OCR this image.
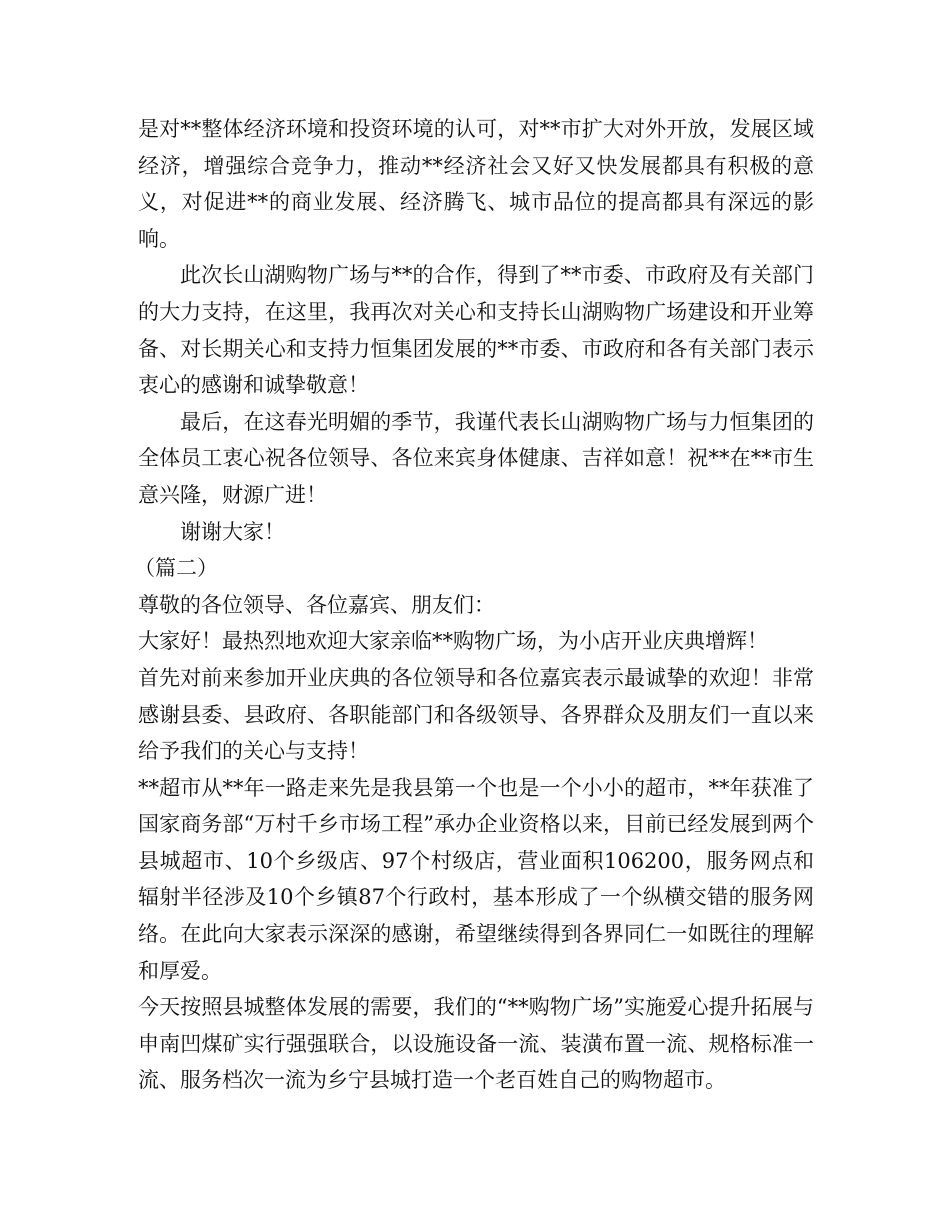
是对**整体经济环境和投资环境的认可，对**市扩大对外开放，发展区域经济，增强综合竞争力，推动**经济社会又好又快发展都具有积极的意义，对促进**的商业发展、经济腾飞、城市品位的提高都具有深远的影响。

此次长山湖购物广场与**的合作，得到了**市委、市政府及有关部门的大力支持，在这里，我再次对关心和支持长山湖购物广场建设和开业筹备、对长期关心和支持力恒集团发展的**市委、市政府和各有关部门表示衷心的感谢和诚挚敬意！

最后，在这春光明媚的季节，我谨代表长山湖购物广场与力恒集团的全体员工衷心祝各位领导、各位来宾身体健康、吉祥如意！祝**在**市生意兴隆，财源广进！

谢谢大家！

（篇二）

尊敬的各位领导、各位嘉宾、朋友们：

大家好！最热烈地欢迎大家亲临**购物广场，为小店开业庆典增辉！

首先对前来参加开业庆典的各位领导和各位嘉宾表示最诚挚的欢迎！非常感谢县委、县政府、各职能部门和各级领导、各界群众及朋友们一直以来给予我们的关心与支持！

**超市从**年一路走来先是我县第一个也是一个小小的超市，**年获准了国家商务部“万村千乡市场工程”承办企业资格以来，目前已经发展到两个县城超市、10个乡级店、97个村级店，营业面积106200，服务网点和辐射半径涉及10个乡镇87个行政村，基本形成了一个纵横交错的服务网络。在此向大家表示深深的感谢，希望继续得到各界同仁一如既往的理解和厚爱。

今天按照县城整体发展的需要，我们的“**购物广场”实施爱心提升拓展与申南凹煤矿实行强强联合，以设施设备一流、装潢布置一流、规格标准一流、服务档次一流为乡宁县城打造一个老百姓自己的购物超市。
